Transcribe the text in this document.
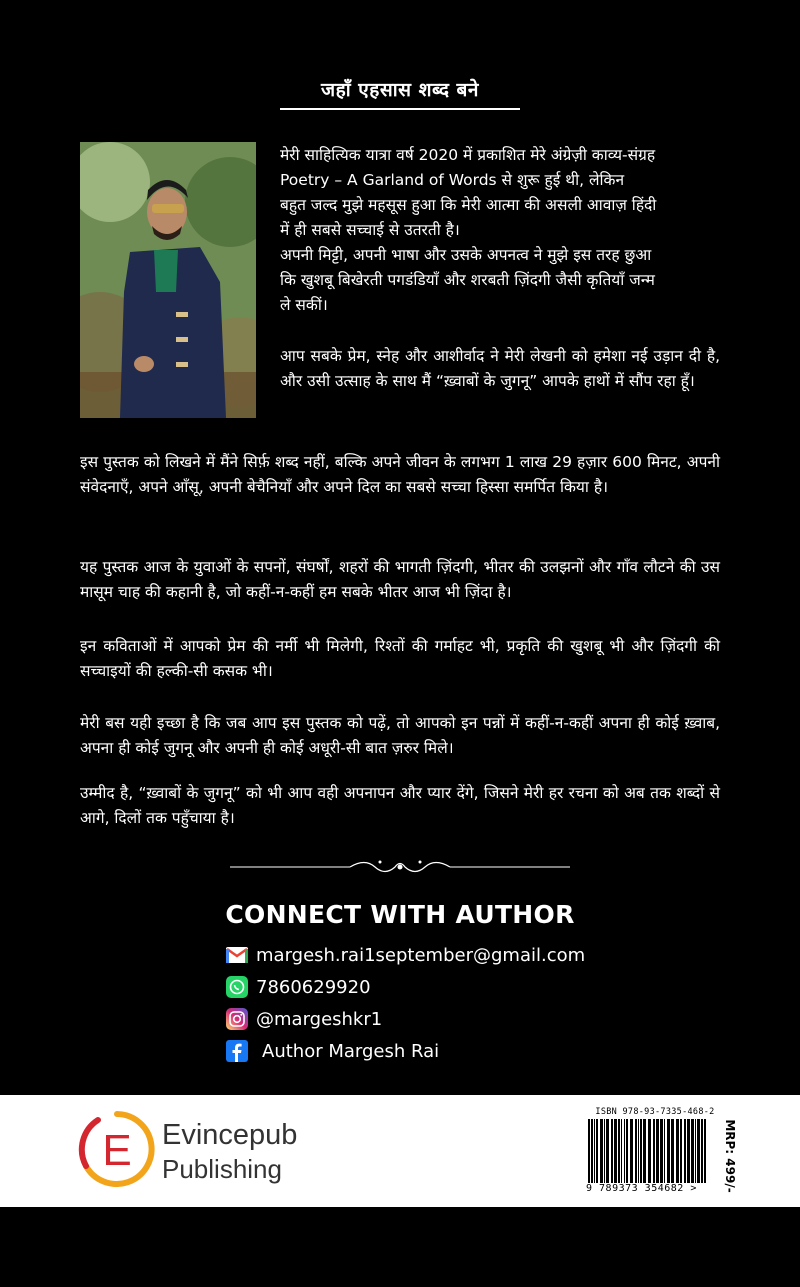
जहाँ एहसास शब्द बने
मेरी साहित्यिक यात्रा वर्ष 2020 में प्रकाशित मेरे अंग्रेज़ी काव्य-संग्रह
Poetry – A Garland of Words से शुरू हुई थी, लेकिन
बहुत जल्द मुझे महसूस हुआ कि मेरी आत्मा की असली आवाज़ हिंदी
में ही सबसे सच्चाई से उतरती है।
अपनी मिट्टी, अपनी भाषा और उसके अपनत्व ने मुझे इस तरह छुआ
कि खुशबू बिखेरती पगडंडियाँ और शरबती ज़िंदगी जैसी कृतियाँ जन्म
ले सकीं।

आप सबके प्रेम, स्नेह और आशीर्वाद ने मेरी लेखनी को हमेशा नई उड़ान दी है, और उसी उत्साह के साथ मैं “ख़्वाबों के जुगनू” आपके हाथों में सौंप रहा हूँ।

इस पुस्तक को लिखने में मैंने सिर्फ़ शब्द नहीं, बल्कि अपने जीवन के लगभग 1 लाख 29 हज़ार 600 मिनट, अपनी संवेदनाएँ, अपने आँसू, अपनी बेचैनियाँ और अपने दिल का सबसे सच्चा हिस्सा समर्पित किया है।

यह पुस्तक आज के युवाओं के सपनों, संघर्षों, शहरों की भागती ज़िंदगी, भीतर की उलझनों और गाँव लौटने की उस मासूम चाह की कहानी है, जो कहीं-न-कहीं हम सबके भीतर आज भी ज़िंदा है।

इन कविताओं में आपको प्रेम की नर्मी भी मिलेगी, रिश्तों की गर्माहट भी, प्रकृति की खुशबू भी और ज़िंदगी की सच्चाइयों की हल्की-सी कसक भी।

मेरी बस यही इच्छा है कि जब आप इस पुस्तक को पढ़ें, तो आपको इन पन्नों में कहीं-न-कहीं अपना ही कोई ख़्वाब, अपना ही कोई जुगनू और अपनी ही कोई अधूरी-सी बात ज़रुर मिले।

उम्मीद है, “ख़्वाबों के जुगनू” को भी आप वही अपनापन और प्यार देंगे, जिसने मेरी हर रचना को अब तक शब्दों से आगे, दिलों तक पहुँचाया है।

CONNECT WITH AUTHOR
margesh.rai1september@gmail.com
7860629920
@margeshkr1
Author Margesh Rai
E Evincepub
Publishing
ISBN 978-93-7335-468-2
9 789373 354682 >	MRP: 499/-
